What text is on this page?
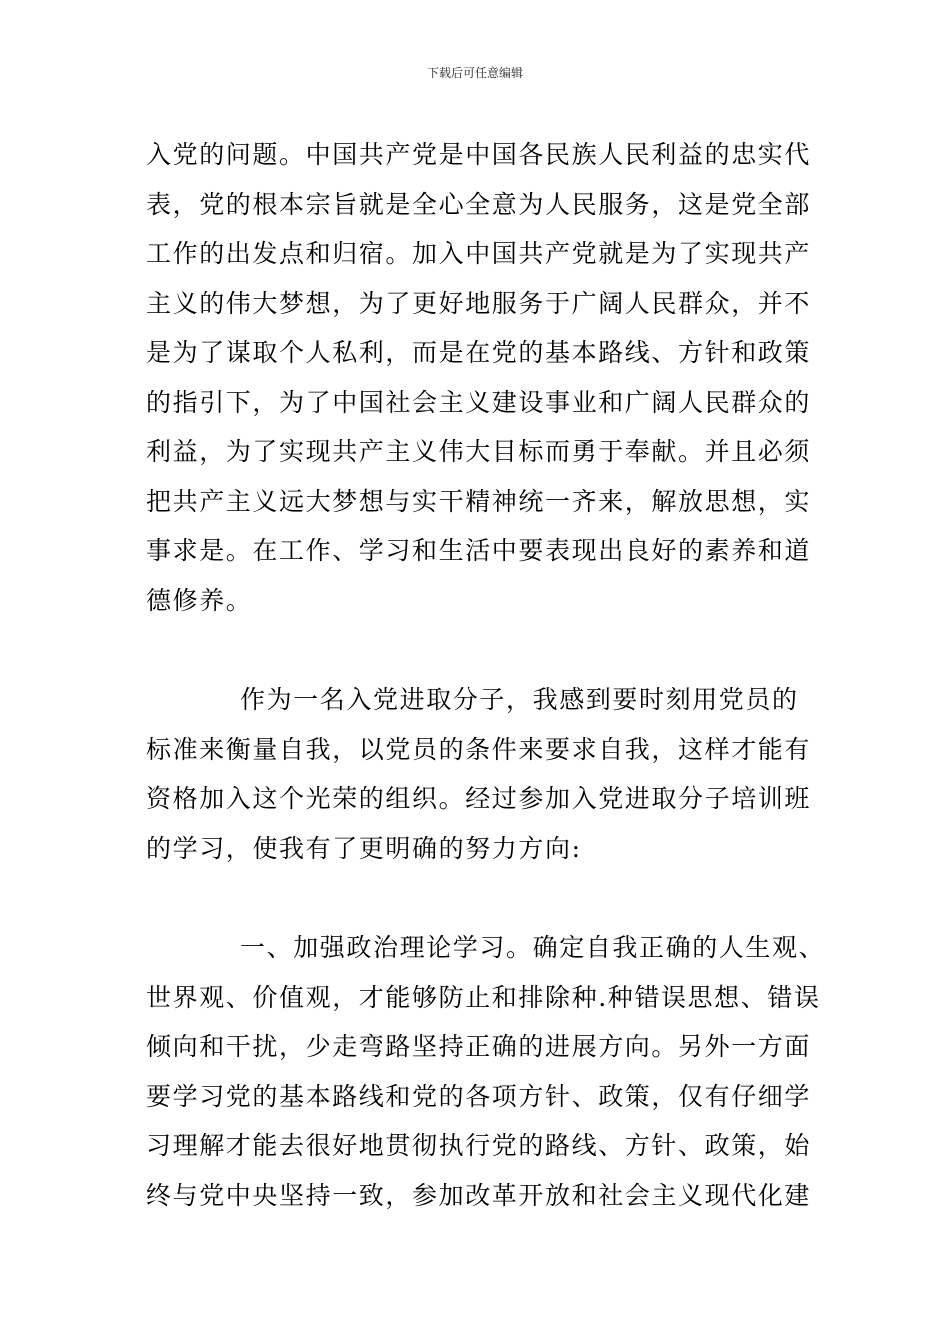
下载后可任意编辑

入党的问题。中国共产党是中国各民族人民利益的忠实代
表，党的根本宗旨就是全心全意为人民服务，这是党全部
工作的出发点和归宿。加入中国共产党就是为了实现共产
主义的伟大梦想，为了更好地服务于广阔人民群众，并不
是为了谋取个人私利，而是在党的基本路线、方针和政策
的指引下，为了中国社会主义建设事业和广阔人民群众的
利益，为了实现共产主义伟大目标而勇于奉献。并且必须
把共产主义远大梦想与实干精神统一齐来，解放思想，实
事求是。在工作、学习和生活中要表现出良好的素养和道
德修养。

作为一名入党进取分子，我感到要时刻用党员的
标准来衡量自我，以党员的条件来要求自我，这样才能有
资格加入这个光荣的组织。经过参加入党进取分子培训班
的学习，使我有了更明确的努力方向:

一、加强政治理论学习。确定自我正确的人生观、
世界观、价值观，才能够防止和排除种.种错误思想、错误
倾向和干扰，少走弯路坚持正确的进展方向。另外一方面
要学习党的基本路线和党的各项方针、政策，仅有仔细学
习理解才能去很好地贯彻执行党的路线、方针、政策，始
终与党中央坚持一致，参加改革开放和社会主义现代化建
